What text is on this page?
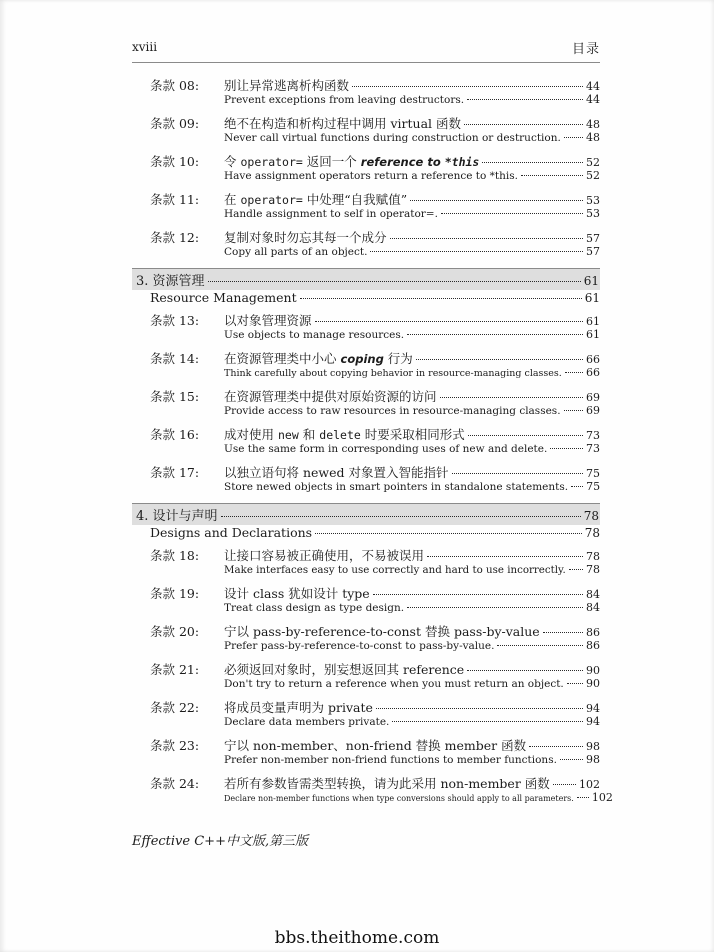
xviii	目录
条款 08:	别让异常逃离析构函数	44
Prevent exceptions from leaving destructors.	44
条款 09:	绝不在构造和析构过程中调用 virtual 函数	48
Never call virtual functions during construction or destruction. 48
条款 10:	令 operator= 返回一个 reference to *this	52
Have assignment operators return a reference to *this.	52
条款 11:	在 operator= 中处理“自我赋值”	53
Handle assignment to self in operator=.	53
条款 12:	复制对象时勿忘其每一个成分	57
Copy all parts of an object.	57
3. 资源管理	61
Resource Management	61
条款 13:	以对象管理资源	61
Use objects to manage resources.	61
条款 14:	在资源管理类中小心 coping 行为	66
Think carefully about copying behavior in resource-managing classes. 66
条款 15:	在资源管理类中提供对原始资源的访问	69
Provide access to raw resources in resource-managing classes. 69
条款 16:	成对使用 new 和 delete 时要采取相同形式	73
Use the same form in corresponding uses of new and delete.	73
条款 17:	以独立语句将 newed 对象置入智能指针	75
Store newed objects in smart pointers in standalone statements. 75
4. 设计与声明	78
Designs and Declarations	78
条款 18:	让接口容易被正确使用，不易被误用	78
Make interfaces easy to use correctly and hard to use incorrectly. 78
条款 19:	设计 class 犹如设计 type	84
Treat class design as type design.	84
条款 20:	宁以 pass-by-reference-to-const 替换 pass-by-value	86
Prefer pass-by-reference-to-const to pass-by-value.	86
条款 21:	必须返回对象时，别妄想返回其 reference	90
Don't try to return a reference when you must return an object. 90
条款 22:	将成员变量声明为 private	94
Declare data members private.	94
条款 23:	宁以 non-member、non-friend 替换 member 函数	98
Prefer non-member non-friend functions to member functions.	98
条款 24:	若所有参数皆需类型转换，请为此采用 non-member 函数	102
Declare non-member functions when type conversions should apply to all parameters. 102
Effective C++中文版,第三版
bbs.theithome.com
